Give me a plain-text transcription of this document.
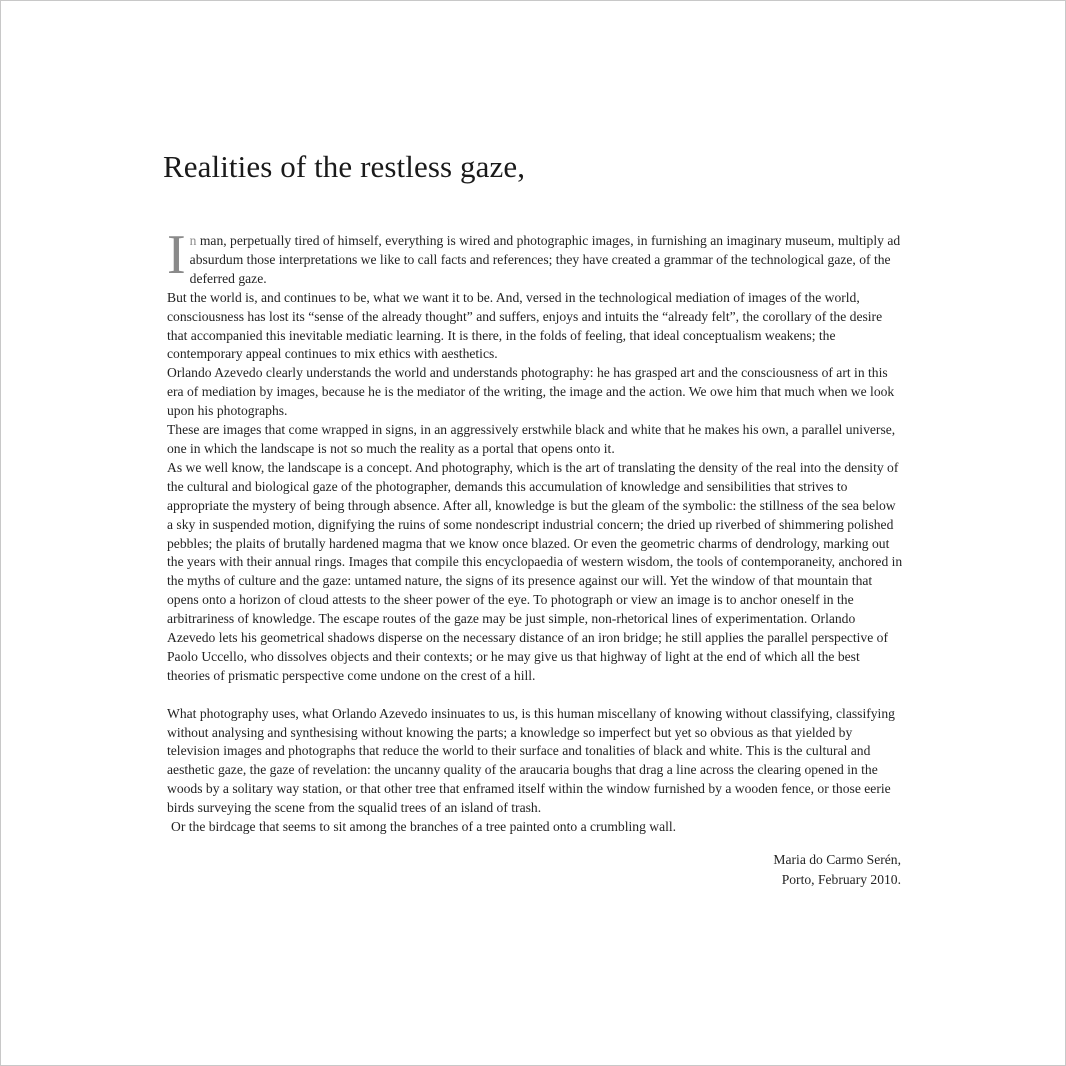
Realities of the restless gaze,

In man, perpetually tired of himself, everything is wired and photographic images, in furnishing an imaginary museum, multiply ad absurdum those interpretations we like to call facts and references; they have created a grammar of the technological gaze, of the deferred gaze.

But the world is, and continues to be, what we want it to be. And, versed in the technological mediation of images of the world, consciousness has lost its “sense of the already thought” and suffers, enjoys and intuits the “already felt”, the corollary of the desire that accompanied this inevitable mediatic learning. It is there, in the folds of feeling, that ideal conceptualism weakens; the contemporary appeal continues to mix ethics with aesthetics.

Orlando Azevedo clearly understands the world and understands photography: he has grasped art and the consciousness of art in this era of mediation by images, because he is the mediator of the writing, the image and the action. We owe him that much when we look upon his photographs.

These are images that come wrapped in signs, in an aggressively erstwhile black and white that he makes his own, a parallel universe, one in which the landscape is not so much the reality as a portal that opens onto it.

As we well know, the landscape is a concept. And photography, which is the art of translating the density of the real into the density of the cultural and biological gaze of the photographer, demands this accumulation of knowledge and sensibilities that strives to appropriate the mystery of being through absence. After all, knowledge is but the gleam of the symbolic: the stillness of the sea below a sky in suspended motion, dignifying the ruins of some nondescript industrial concern; the dried up riverbed of shimmering polished pebbles; the plaits of brutally hardened magma that we know once blazed. Or even the geometric charms of dendrology, marking out the years with their annual rings. Images that compile this encyclopaedia of western wisdom, the tools of contemporaneity, anchored in the myths of culture and the gaze: untamed nature, the signs of its presence against our will. Yet the window of that mountain that opens onto a horizon of cloud attests to the sheer power of the eye. To photograph or view an image is to anchor oneself in the arbitrariness of knowledge. The escape routes of the gaze may be just simple, non-rhetorical lines of experimentation. Orlando Azevedo lets his geometrical shadows disperse on the necessary distance of an iron bridge; he still applies the parallel perspective of Paolo Uccello, who dissolves objects and their contexts; or he may give us that highway of light at the end of which all the best theories of prismatic perspective come undone on the crest of a hill.

What photography uses, what Orlando Azevedo insinuates to us, is this human miscellany of knowing without classifying, classifying without analysing and synthesising without knowing the parts; a knowledge so imperfect but yet so obvious as that yielded by television images and photographs that reduce the world to their surface and tonalities of black and white. This is the cultural and aesthetic gaze, the gaze of revelation: the uncanny quality of the araucaria boughs that drag a line across the clearing opened in the woods by a solitary way station, or that other tree that enframed itself within the window furnished by a wooden fence, or those eerie birds surveying the scene from the squalid trees of an island of trash.

Or the birdcage that seems to sit among the branches of a tree painted onto a crumbling wall.

Maria do Carmo Serén,
Porto, February 2010.
